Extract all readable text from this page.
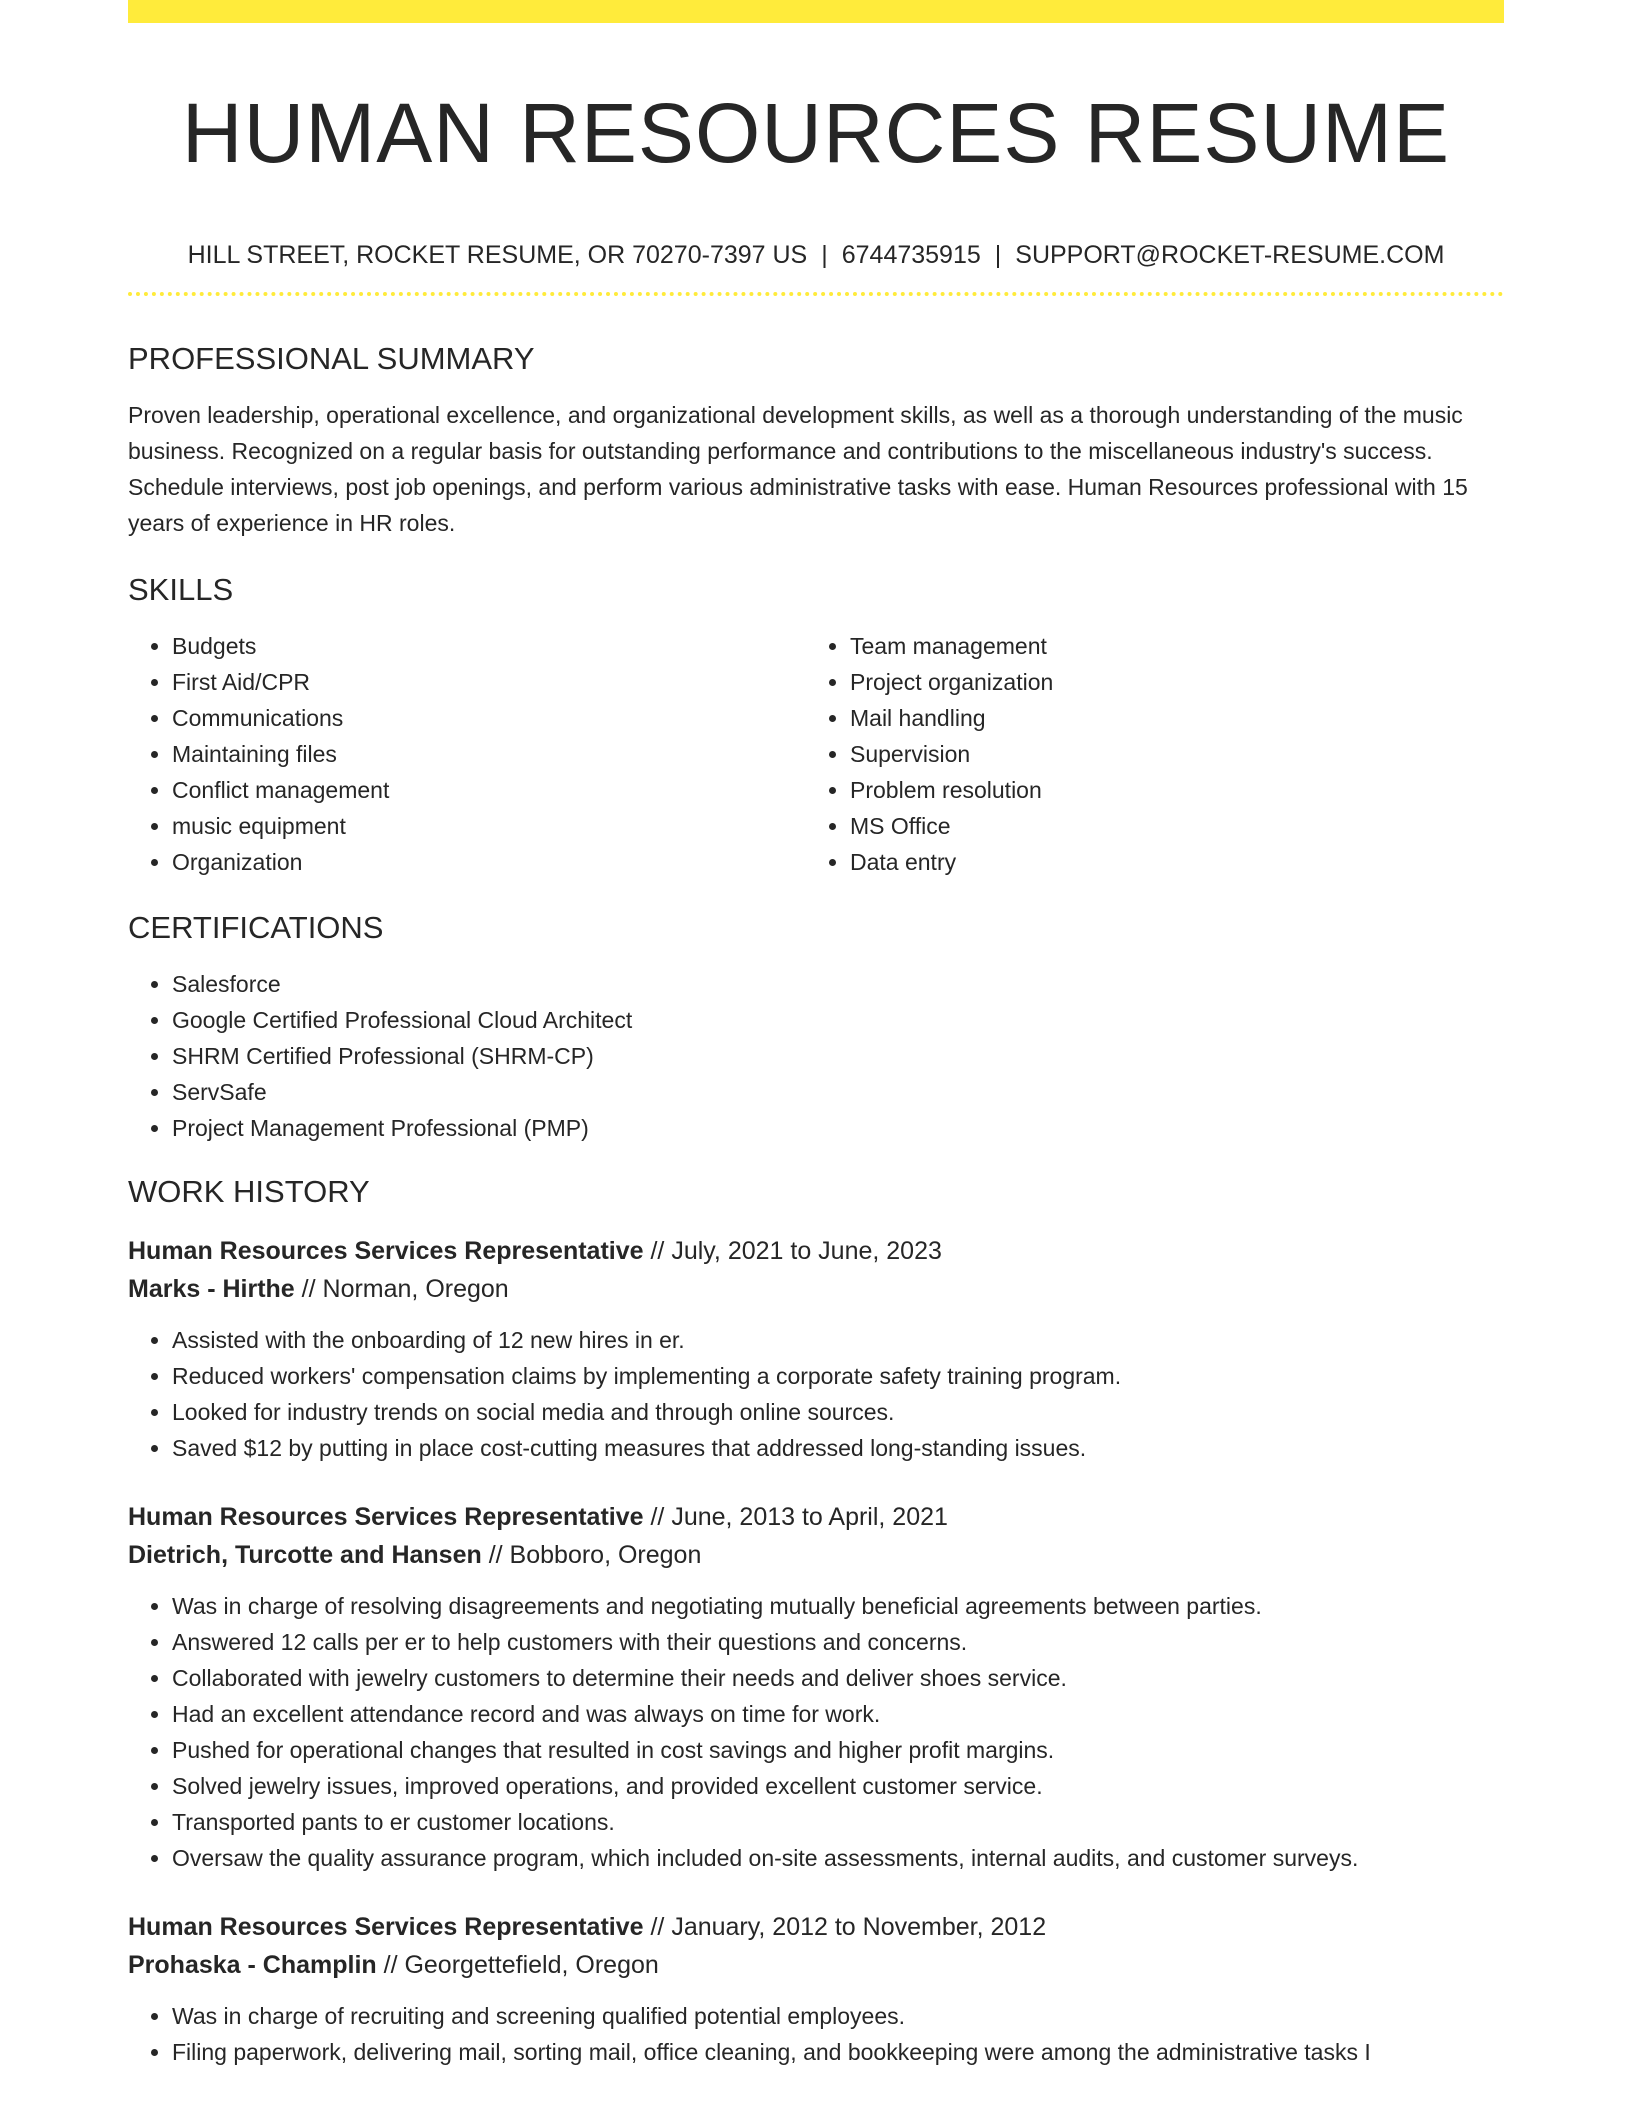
HUMAN RESOURCES RESUME
HILL STREET, ROCKET RESUME, OR 70270-7397 US | 6744735915 | SUPPORT@ROCKET-RESUME.COM
PROFESSIONAL SUMMARY

Proven leadership, operational excellence, and organizational development skills, as well as a thorough understanding of the music business. Recognized on a regular basis for outstanding performance and contributions to the miscellaneous industry's success. Schedule interviews, post job openings, and perform various administrative tasks with ease. Human Resources professional with 15 years of experience in HR roles.

SKILLS
• Budgets
• First Aid/CPR
• Communications
• Maintaining files
• Conflict management
• music equipment
• Organization
• Team management
• Project organization
• Mail handling
• Supervision
• Problem resolution
• MS Office
• Data entry
CERTIFICATIONS
• Salesforce
• Google Certified Professional Cloud Architect
• SHRM Certified Professional (SHRM-CP)
• ServSafe
• Project Management Professional (PMP)
WORK HISTORY
Human Resources Services Representative // July, 2021 to June, 2023
Marks - Hirthe // Norman, Oregon
• Assisted with the onboarding of 12 new hires in er.
• Reduced workers' compensation claims by implementing a corporate safety training program.
• Looked for industry trends on social media and through online sources.
• Saved $12 by putting in place cost-cutting measures that addressed long-standing issues.
Human Resources Services Representative // June, 2013 to April, 2021
Dietrich, Turcotte and Hansen // Bobboro, Oregon
• Was in charge of resolving disagreements and negotiating mutually beneficial agreements between parties.
• Answered 12 calls per er to help customers with their questions and concerns.
• Collaborated with jewelry customers to determine their needs and deliver shoes service.
• Had an excellent attendance record and was always on time for work.
• Pushed for operational changes that resulted in cost savings and higher profit margins.
• Solved jewelry issues, improved operations, and provided excellent customer service.
• Transported pants to er customer locations.
• Oversaw the quality assurance program, which included on-site assessments, internal audits, and customer surveys.
Human Resources Services Representative // January, 2012 to November, 2012
Prohaska - Champlin // Georgettefield, Oregon
• Was in charge of recruiting and screening qualified potential employees.
• Filing paperwork, delivering mail, sorting mail, office cleaning, and bookkeeping were among the administrative tasks I
